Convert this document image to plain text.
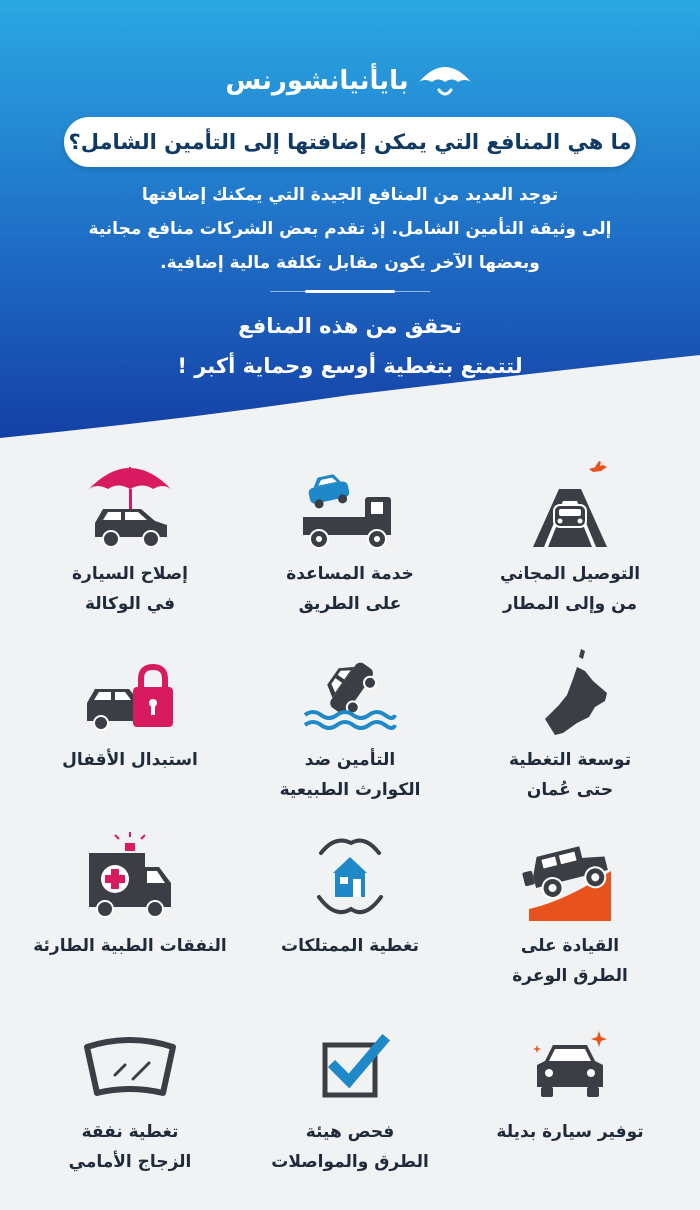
بايأنيانشورنس
ما هي المنافع التي يمكن إضافتها إلى التأمين الشامل؟
توجد العديد من المنافع الجيدة التي يمكنك إضافتها
إلى وثيقة التأمين الشامل. إذ تقدم بعض الشركات منافع مجانية
وبعضها الآخر يكون مقابل تكلفة مالية إضافية.
تحقق من هذه المنافع
لتتمتع بتغطية أوسع وحماية أكبر !
التوصيل المجاني
من وإلى المطار
خدمة المساعدة
على الطريق
إصلاح السيارة
في الوكالة
توسعة التغطية
حتى عُمان
التأمين ضد
الكوارث الطبيعية
استبدال الأقفال
القيادة على
الطرق الوعرة
تغطية الممتلكات
النفقات الطبية الطارئة
توفير سيارة بديلة
فحص هيئة
الطرق والمواصلات
تغطية نفقة
الزجاج الأمامي
